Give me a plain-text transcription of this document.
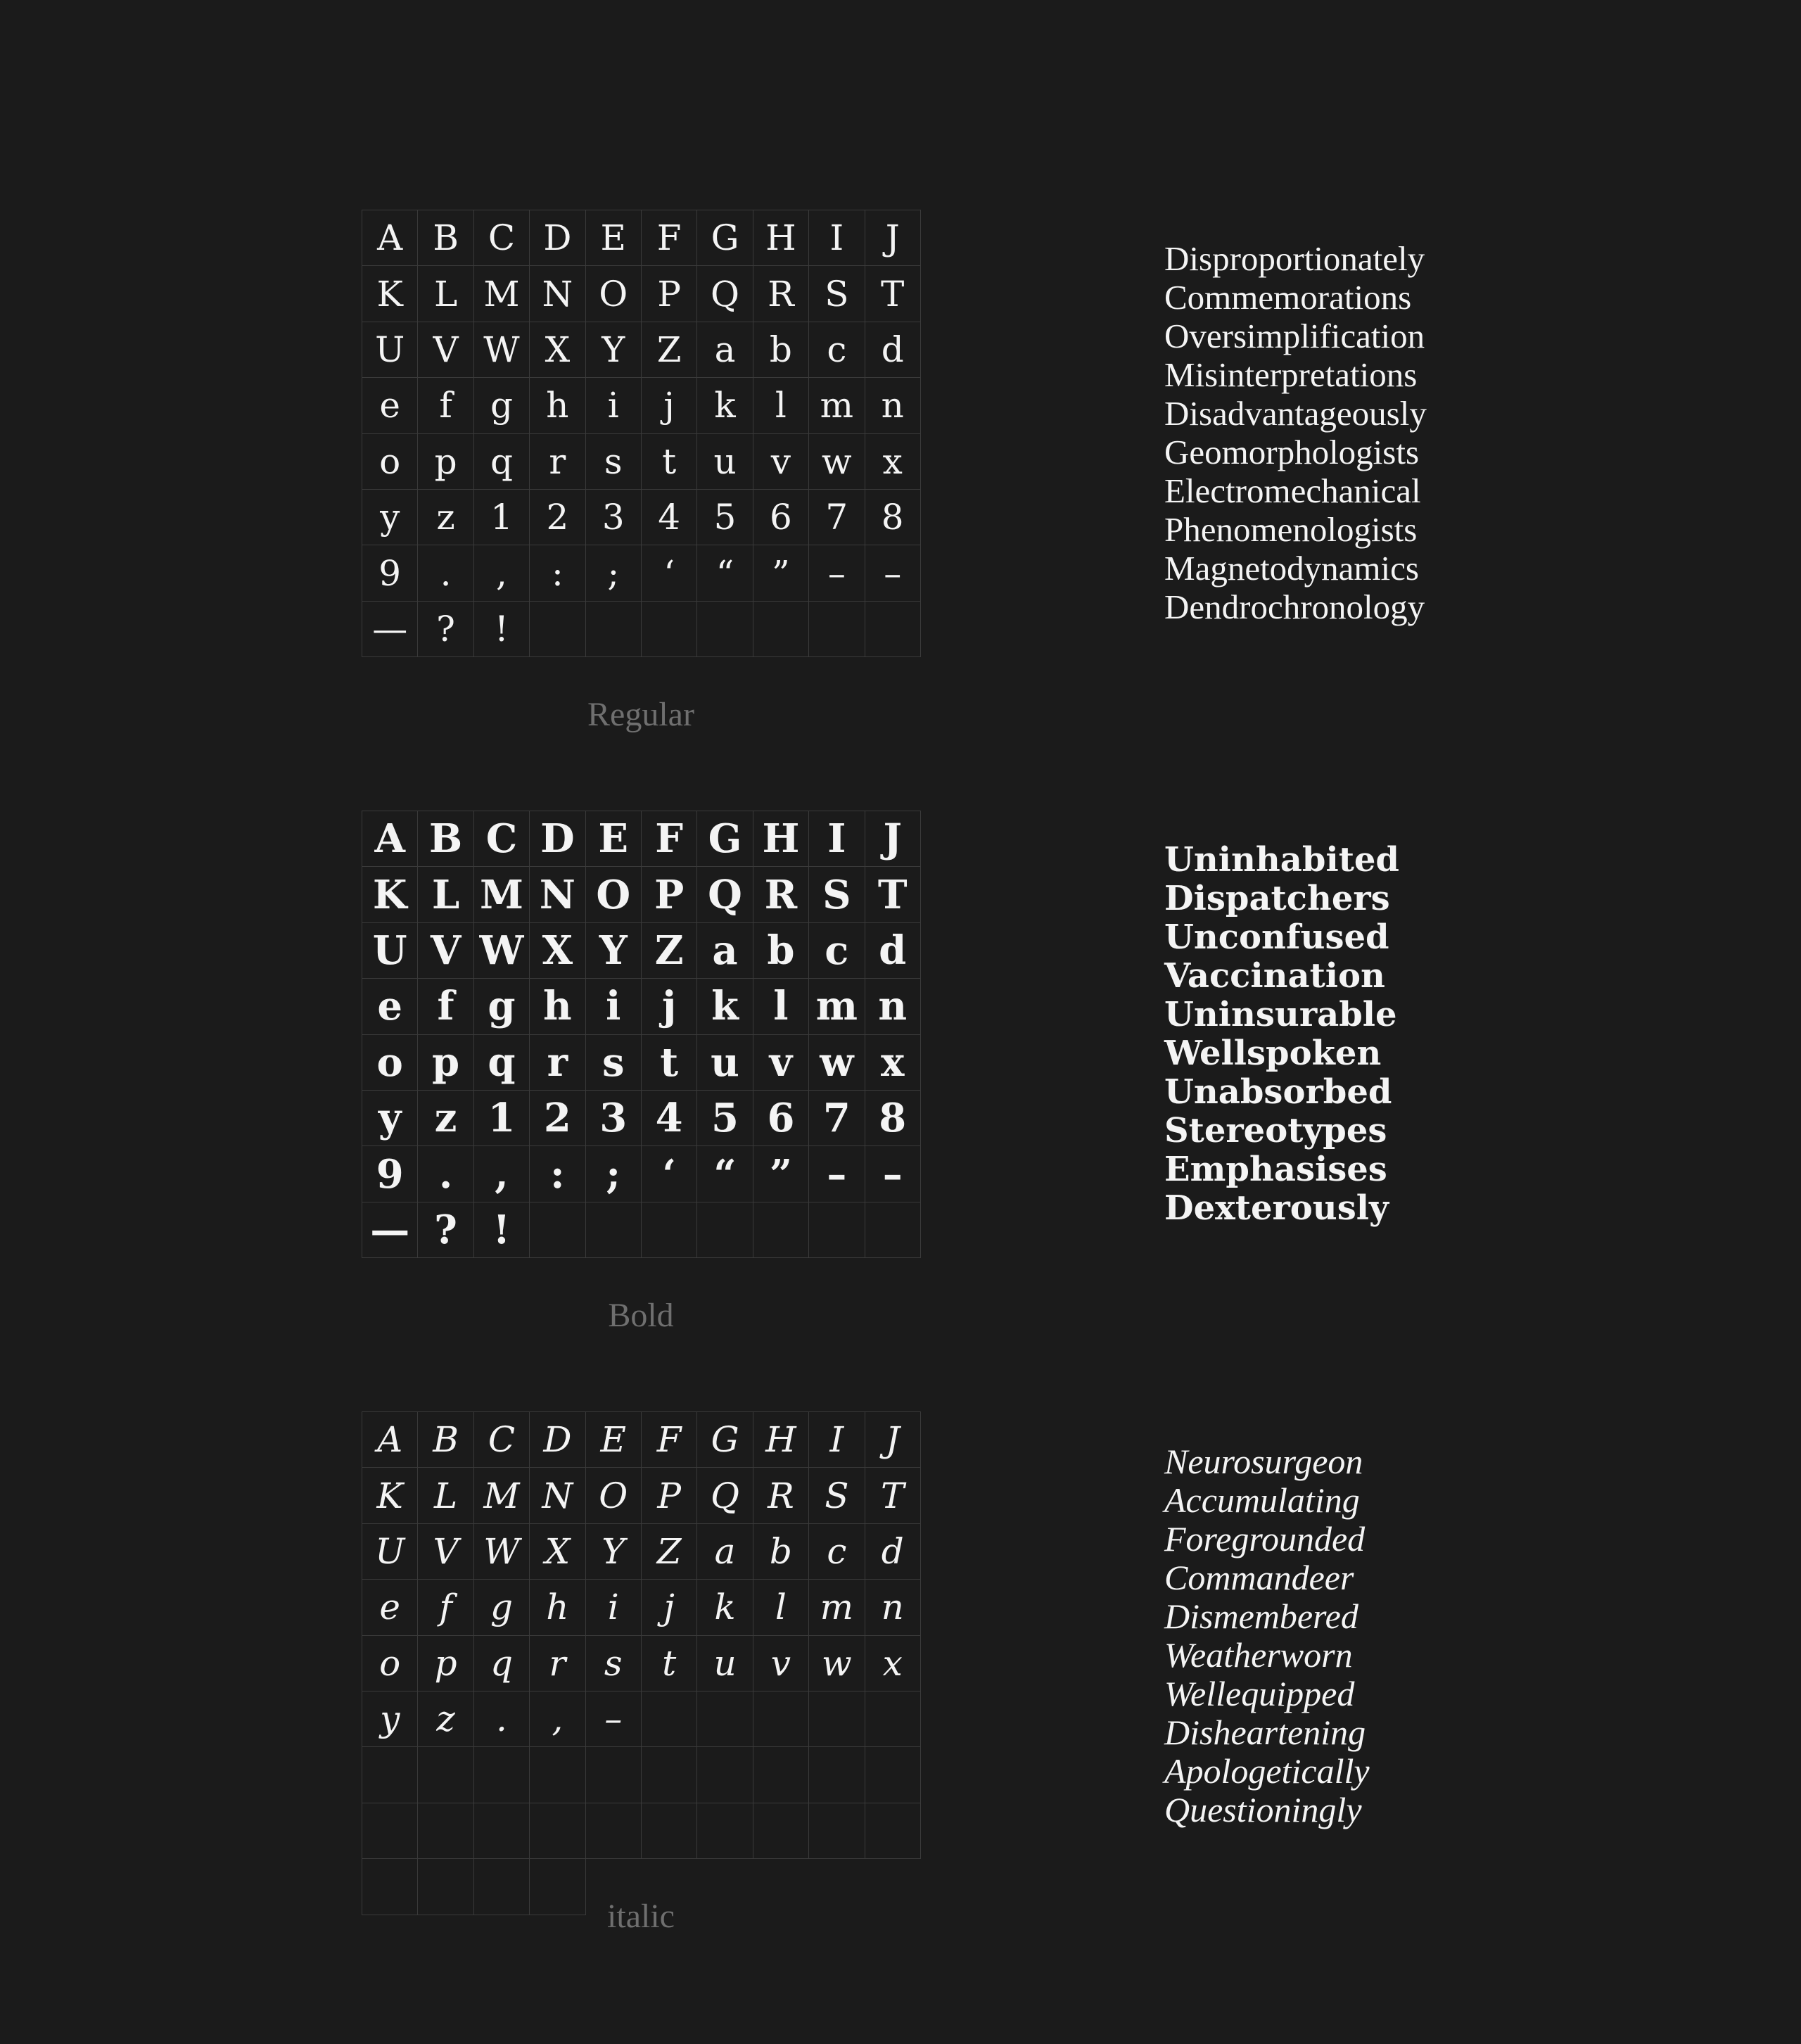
A B C D E F G H I	J
K L M N O P Q R S T
U V W X Y Z a b c d
e	f	g h	i	j	k	l m n
o p q	r	s	t	u v w x
y	z	1 2 3 4 5 6 7 8
9	.	,	:	;	‘	“	”	–	–
— ?	!
Regular
Disproportionately
Commemorations
Oversimplification
Misinterpretations
Disadvantageously
Geomorphologists
Electromechanical
Phenomenologists
Magnetodynamics
Dendrochronology
A B C D E F G H I J
K L M N O P Q R S T
U V W X Y Z a b c d
e f g h i	j k l m n
o p q r s t u v w x
y z 1 2 3 4 5 6 7 8
9 .	,	:	;	‘ “ ” – –
— ? !
Bold
Uninhabited
Dispatchers
Unconfused
Vaccination
Uninsurable
Wellspoken
Unabsorbed
Stereotypes
Emphasises
Dexterously
A B C D E F G H I	J
K L M N O P Q R S T
U V W X Y Z a b c d
e	f	g h	i	j	k	l m n
o p q	r	s	t	u v w x
y	z	.	,	–
italic
Neurosurgeon
Accumulating
Foregrounded
Commandeer
Dismembered
Weatherworn
Wellequipped
Disheartening
Apologetically
Questioningly
